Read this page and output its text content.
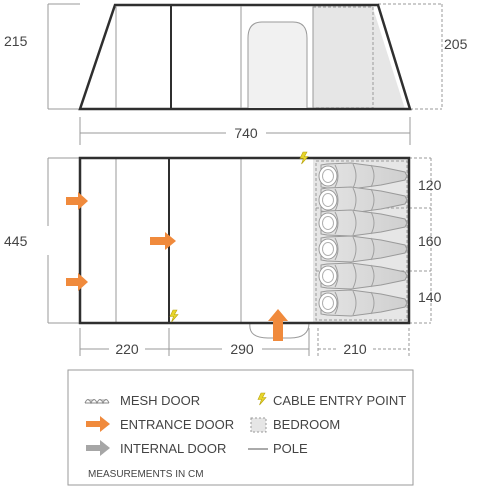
215	205
740
445
120
160
140
220	290	210
MESH DOOR
ENTRANCE DOOR
INTERNAL DOOR
CABLE ENTRY POINT
BEDROOM
POLE
MEASUREMENTS IN CM
